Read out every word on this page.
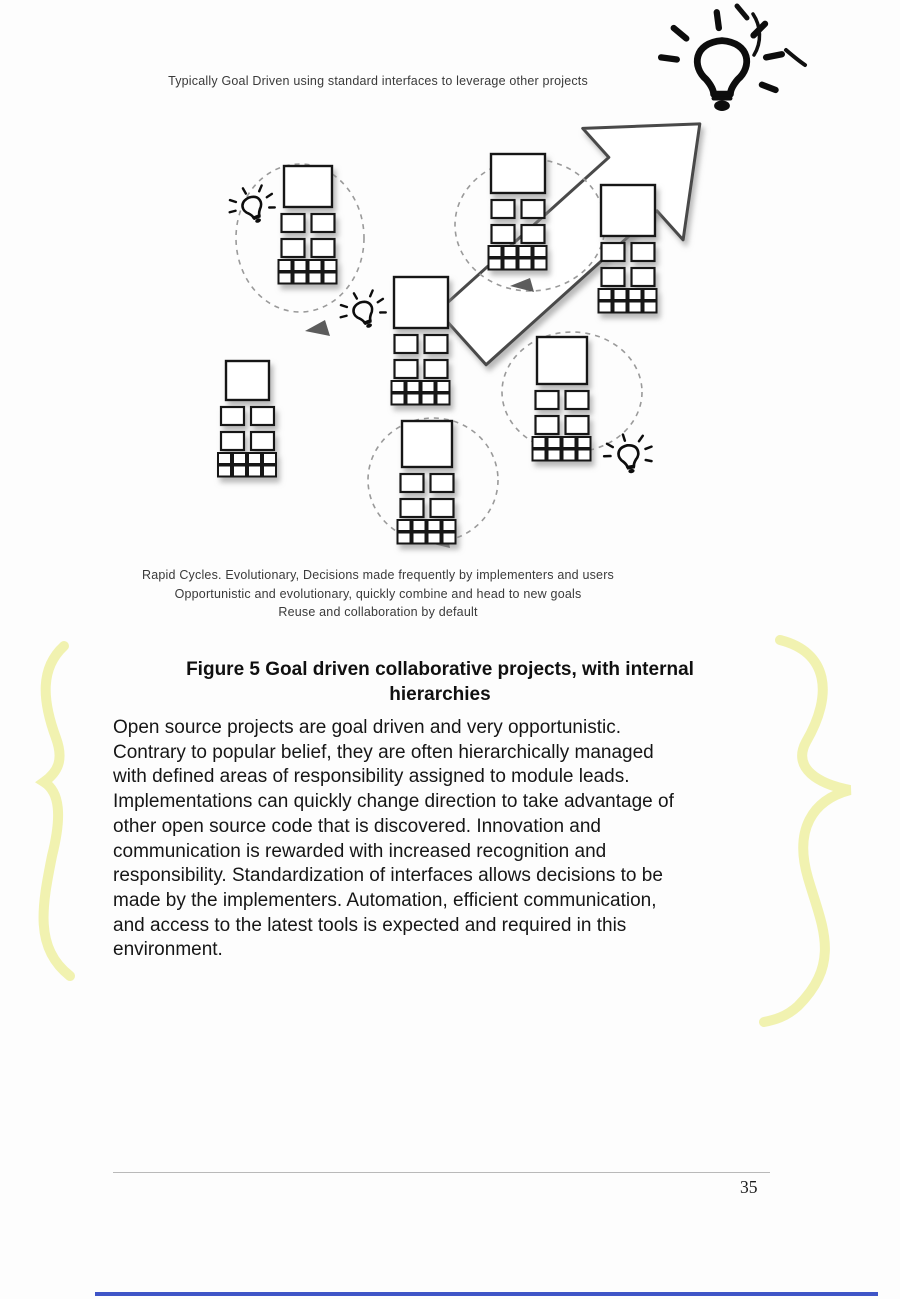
Typically Goal Driven using standard interfaces to leverage other projects
Rapid Cycles. Evolutionary, Decisions made frequently by implementers and users
Opportunistic and evolutionary, quickly combine and head to new goals
Reuse and collaboration by default
Figure 5 Goal driven collaborative projects, with internal hierarchies
Open source projects are goal driven and very opportunistic.
Contrary to popular belief, they are often hierarchically managed
with defined areas of responsibility assigned to module leads.
Implementations can quickly change direction to take advantage of
other open source code that is discovered. Innovation and
communication is rewarded with increased recognition and
responsibility. Standardization of interfaces allows decisions to be
made by the implementers. Automation, efficient communication,
and access to the latest tools is expected and required in this
environment.
35
